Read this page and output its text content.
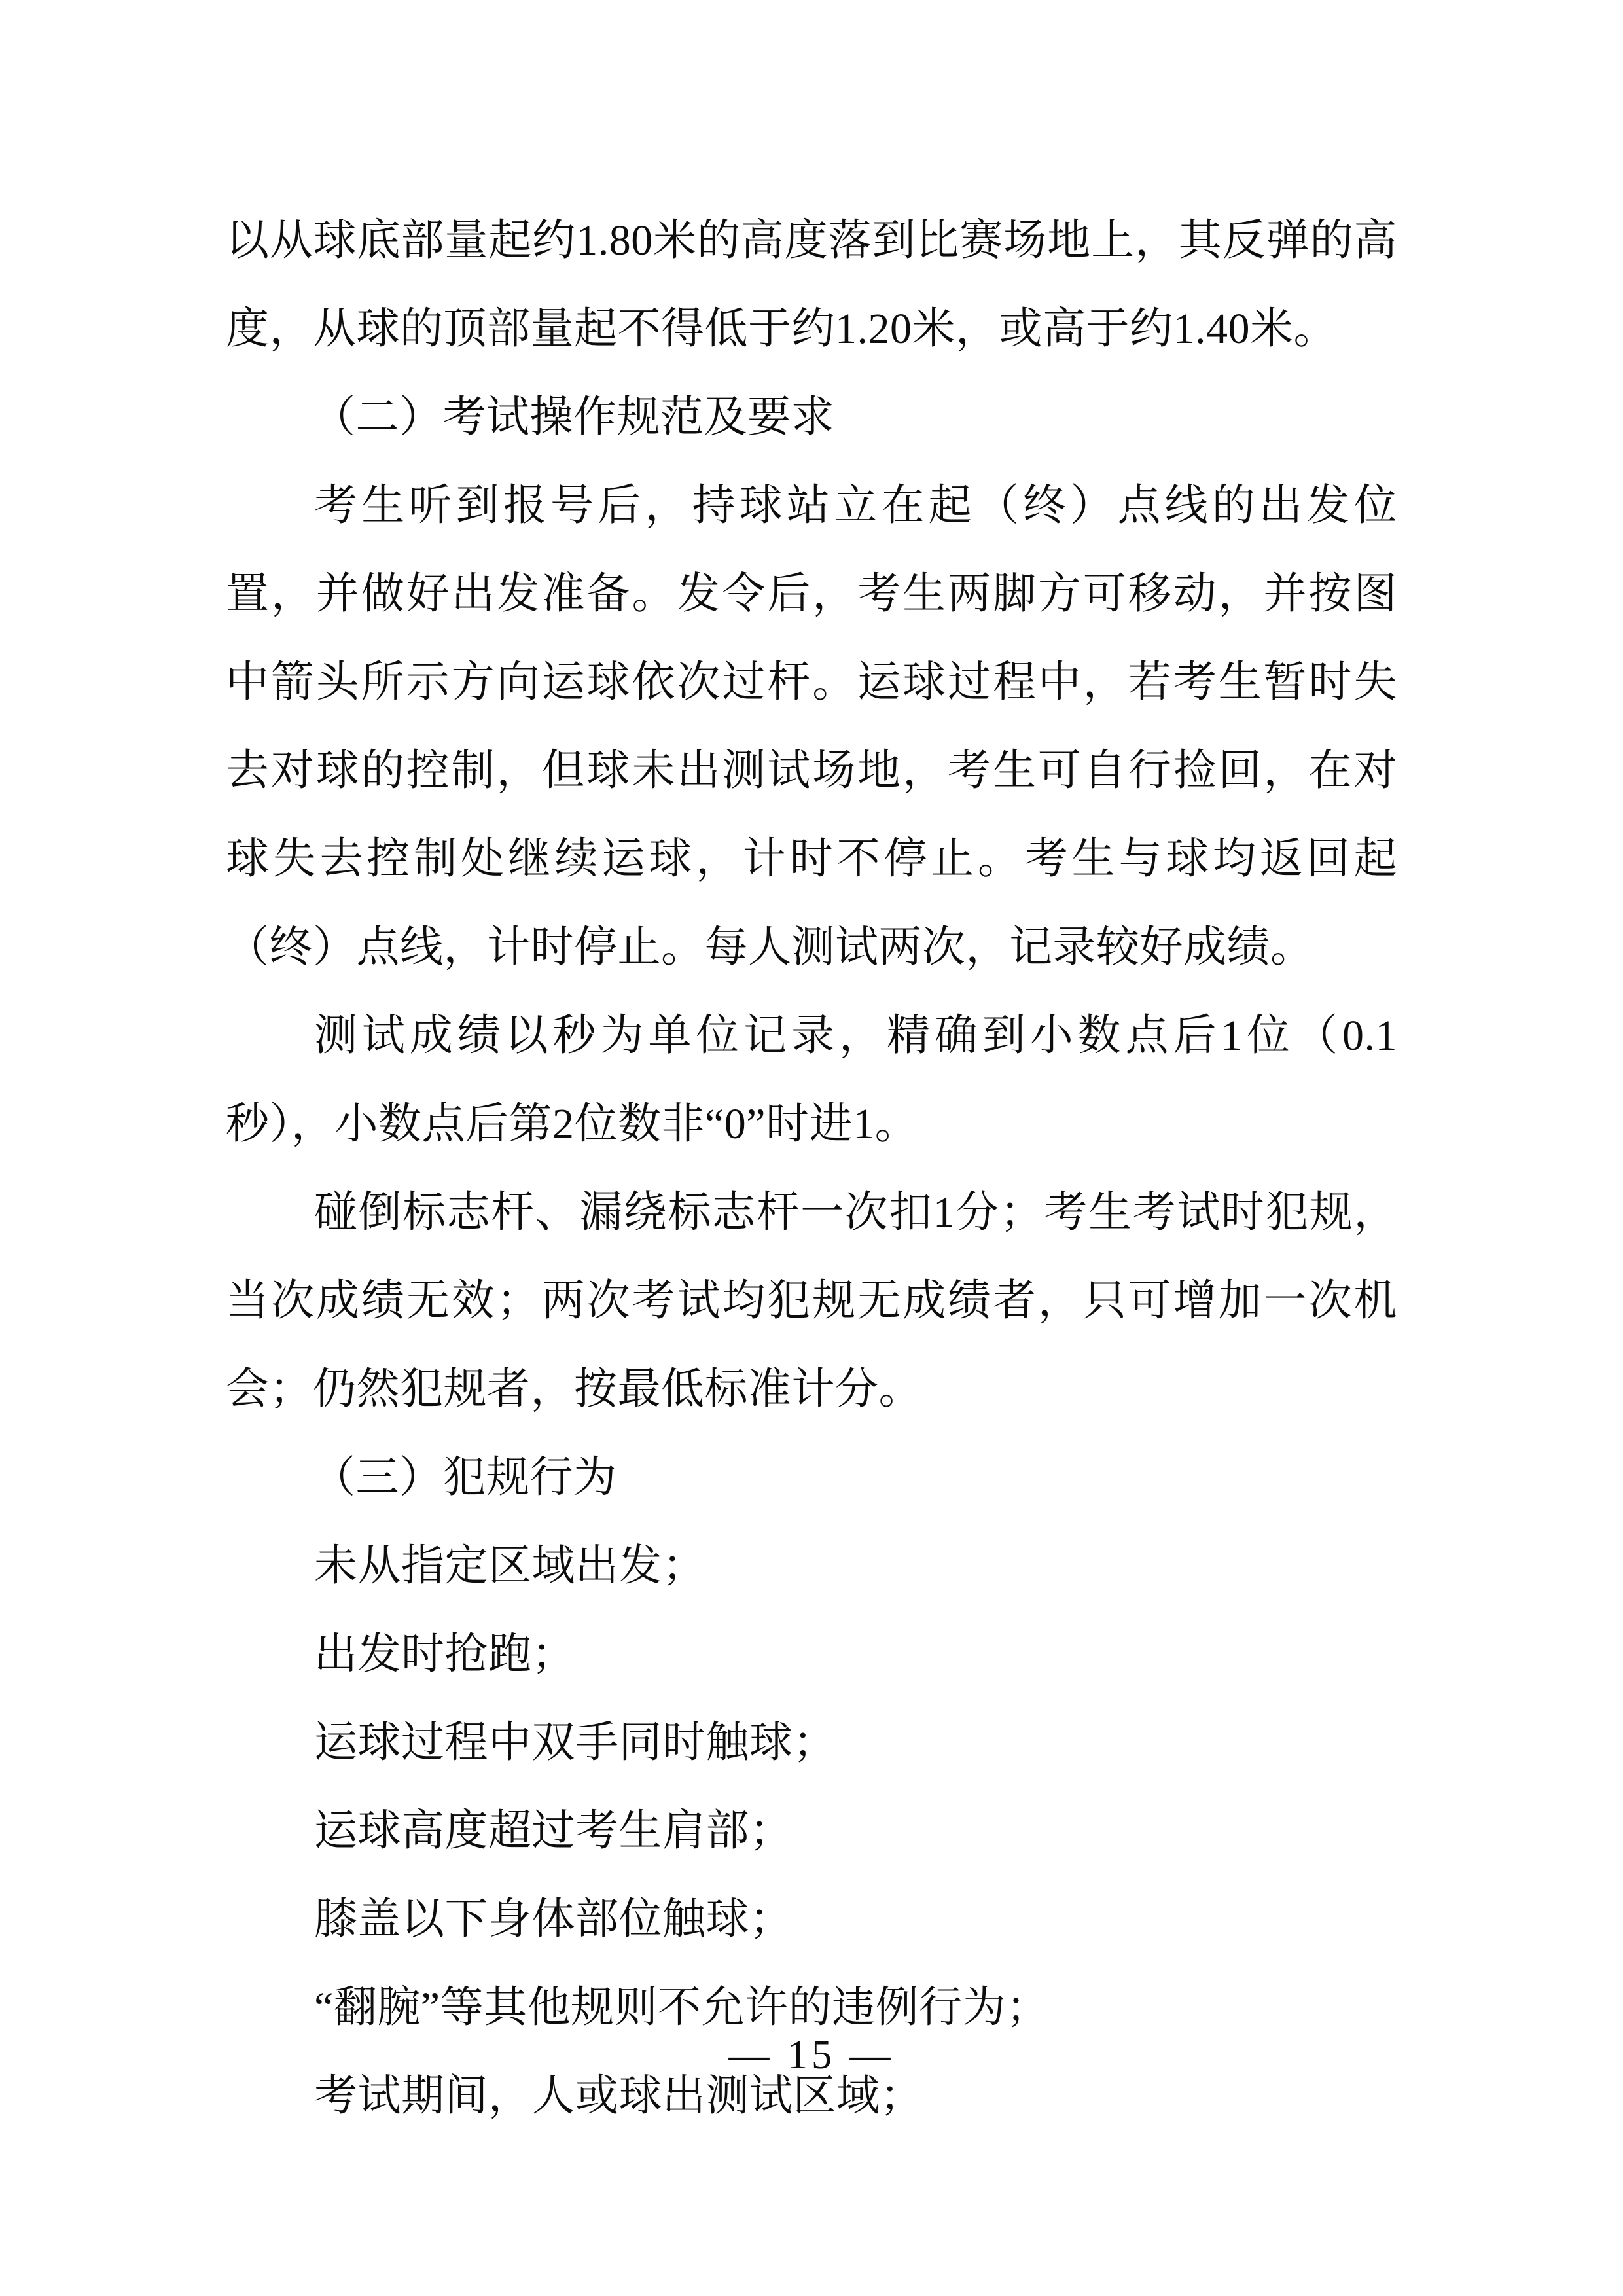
以从球底部量起约1.80米的高度落到比赛场地上，其反弹的高度，从球的顶部量起不得低于约1.20米，或高于约1.40米。

（二）考试操作规范及要求

考生听到报号后，持球站立在起（终）点线的出发位置，并做好出发准备。发令后，考生两脚方可移动，并按图中箭头所示方向运球依次过杆。运球过程中，若考生暂时失去对球的控制，但球未出测试场地，考生可自行捡回，在对球失去控制处继续运球，计时不停止。考生与球均返回起（终）点线，计时停止。每人测试两次，记录较好成绩。

测试成绩以秒为单位记录，精确到小数点后1位（0.1秒），小数点后第2位数非“0”时进1。

碰倒标志杆、漏绕标志杆一次扣1分；考生考试时犯规，当次成绩无效；两次考试均犯规无成绩者，只可增加一次机会；仍然犯规者，按最低标准计分。

（三）犯规行为

未从指定区域出发；

出发时抢跑；

运球过程中双手同时触球；

运球高度超过考生肩部；

膝盖以下身体部位触球；

“翻腕”等其他规则不允许的违例行为；

考试期间，人或球出测试区域；

— 15 —
